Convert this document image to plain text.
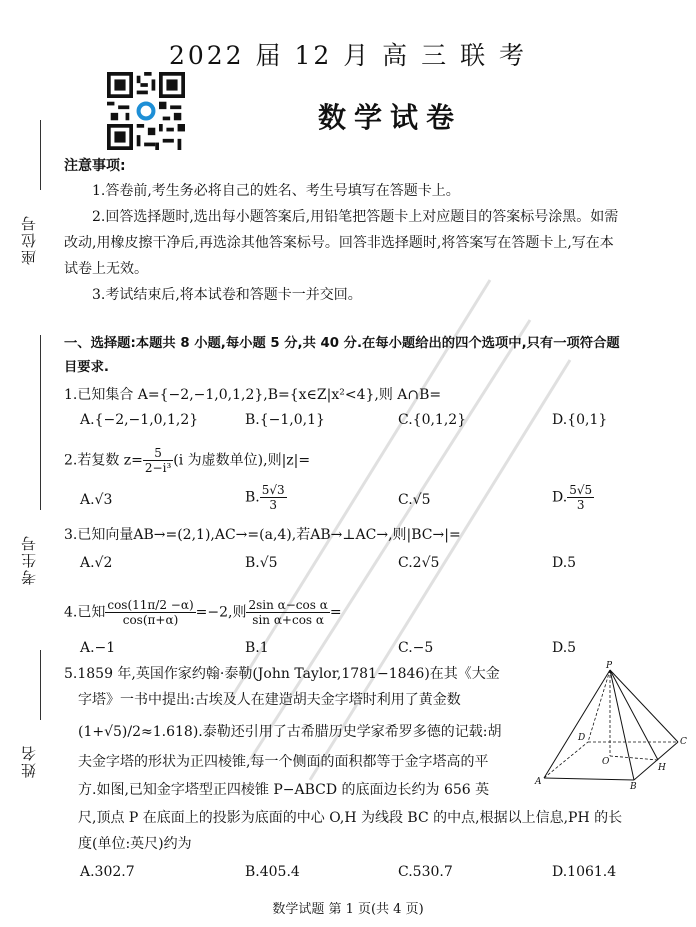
2022 届 12 月 高 三 联 考
数学试卷
座位号
考生号
姓名
注意事项:
1.答卷前,考生务必将自己的姓名、考生号填写在答题卡上。
2.回答选择题时,选出每小题答案后,用铅笔把答题卡上对应题目的答案标号涂黑。如需
改动,用橡皮擦干净后,再选涂其他答案标号。回答非选择题时,将答案写在答题卡上,写在本
试卷上无效。
3.考试结束后,将本试卷和答题卡一并交回。
一、选择题:本题共 8 小题,每小题 5 分,共 40 分.在每小题给出的四个选项中,只有一项符合题
目要求.
1.已知集合 A={−2,−1,0,1,2},B={x∈Z|x²<4},则 A∩B=
A.{−2,−1,0,1,2}	B.{−1,0,1}	C.{0,1,2}	D.{0,1}
2.若复数 $z= \frac{5}{\text{2−i³}} (i$ 为虚数单位),则|z|=
A.√3	B. $\frac{5√3}{3}$	C.√5	D. $\frac{5√5}{3}$
3.已知向量AB→=(2,1),AC→=(a,4),若AB→⊥AC→,则|BC→|=
A.√2	B.√5	C.2√5	D.5
4.已知 $\frac{\cos(11\pi/2 -\alpha)}{\cos(\pi+\alpha)} =-2$,则 $\frac{\text{2sin α−cos α}}{\text{sin α+cos α}}$ =
A.−1	B.1	C.−5	D.5
5.1859 年,英国作家约翰·泰勒(John Taylor,1781−1846)在其《大金
字塔》一书中提出:古埃及人在建造胡夫金字塔时利用了黄金数
(1+√5)/2≈1.618).泰勒还引用了古希腊历史学家希罗多德的记载:胡
夫金字塔的形状为正四棱锥,每一个侧面的面积都等于金字塔高的平
方.如图,已知金字塔型正四棱锥 P−ABCD 的底面边长约为 656 英
尺,顶点 P 在底面上的投影为底面的中心 O,H 为线段 BC 的中点,根据以上信息,PH 的长
度(单位:英尺)约为
A.302.7	B.405.4	C.530.7	D.1061.4
P
D	C
O
H
A	B
数学试题 第 1 页(共 4 页)
